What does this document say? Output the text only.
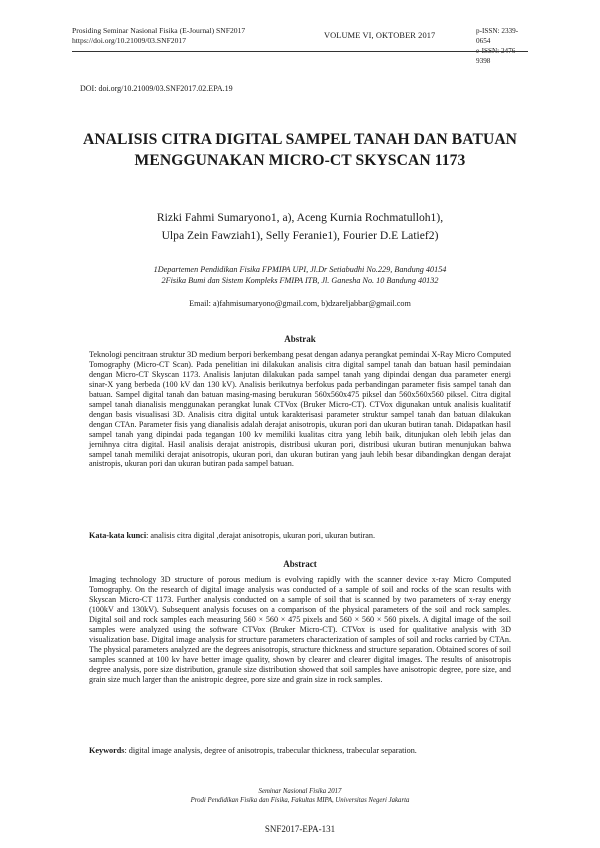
Prosiding Seminar Nasional Fisika (E-Journal) SNF2017
https://doi.org/10.21009/03.SNF2017
VOLUME VI, OKTOBER 2017	p-ISSN: 2339-0654
e-ISSN: 2476-9398
DOI: doi.org/10.21009/03.SNF2017.02.EPA.19
ANALISIS CITRA DIGITAL SAMPEL TANAH DAN BATUAN MENGGUNAKAN MICRO-CT SKYSCAN 1173
Rizki Fahmi Sumaryono1, a), Aceng Kurnia Rochmatulloh1),
Ulpa Zein Fawziah1), Selly Feranie1), Fourier D.E Latief2)
1Departemen Pendidikan Fisika FPMIPA UPI, Jl.Dr Setiabudhi No.229, Bandung 40154
2Fisika Bumi dan Sistem Kompleks FMIPA ITB, Jl. Ganesha No. 10 Bandung 40132
Email: a)fahmisumaryono@gmail.com, b)dzareljabbar@gmail.com
Abstrak
Teknologi pencitraan struktur 3D medium berpori berkembang pesat dengan adanya perangkat pemindai X-Ray Micro Computed Tomography (Micro-CT Scan). Pada penelitian ini dilakukan analisis citra digital sampel tanah dan batuan hasil pemindaian dengan Micro-CT Skyscan 1173. Analisis lanjutan dilakukan pada sampel tanah yang dipindai dengan dua parameter energi sinar-X yang berbeda (100 kV dan 130 kV). Analisis berikutnya berfokus pada perbandingan parameter fisis sampel tanah dan batuan. Sampel digital tanah dan batuan masing-masing berukuran 560x560x475 piksel dan 560x560x560 piksel. Citra digital sampel tanah dianalisis menggunakan perangkat lunak CTVox (Bruker Micro-CT). CTVox digunakan untuk analisis kualitatif dengan basis visualisasi 3D. Analisis citra digital untuk karakterisasi parameter struktur sampel tanah dan batuan dilakukan dengan CTAn. Parameter fisis yang dianalisis adalah derajat anisotropis, ukuran pori dan ukuran butiran tanah. Didapatkan hasil sampel tanah yang dipindai pada tegangan 100 kv memiliki kualitas citra yang lebih baik, ditunjukan oleh lebih jelas dan jernihnya citra digital. Hasil analisis derajat anistropis, distribusi ukuran pori, distribusi ukuran butiran menunjukan bahwa sampel tanah memiliki derajat anisotropis, ukuran pori, dan ukuran butiran yang jauh lebih besar dibandingkan dengan derajat anistropis, ukuran pori dan ukuran butiran pada sampel batuan.
Kata-kata kunci: analisis citra digital ,derajat anisotropis, ukuran pori, ukuran butiran.
Abstract
Imaging technology 3D structure of porous medium is evolving rapidly with the scanner device x-ray Micro Computed Tomography. On the research of digital image analysis was conducted of a sample of soil and rocks of the scan results with Skyscan Micro-CT 1173. Further analysis conducted on a sample of soil that is scanned by two parameters of x-ray energy (100kV and 130kV). Subsequent analysis focuses on a comparison of the physical parameters of the soil and rock samples. Digital soil and rock samples each measuring 560 × 560 × 475 pixels and 560 × 560 × 560 pixels. A digital image of the soil samples were analyzed using the software CTVox (Bruker Micro-CT). CTVox is used for qualitative analysis with 3D visualization base. Digital image analysis for structure parameters characterization of samples of soil and rocks carried by CTAn. The physical parameters analyzed are the degrees anisotropis, structure thickness and structure separation. Obtained scores of soil samples scanned at 100 kv have better image quality, shown by clearer and clearer digital images. The results of anisotropis degree analysis, pore size distribution, granule size distribution showed that soil samples have anisotropic degree, pore size, and grain size much larger than the anistropic degree, pore size and grain size in rock samples.
Keywords: digital image analysis, degree of anisotropis, trabecular thickness, trabecular separation.
Seminar Nasional Fisika 2017
Prodi Pendidikan Fisika dan Fisika, Fakultas MIPA, Universitas Negeri Jakarta
SNF2017-EPA-131
